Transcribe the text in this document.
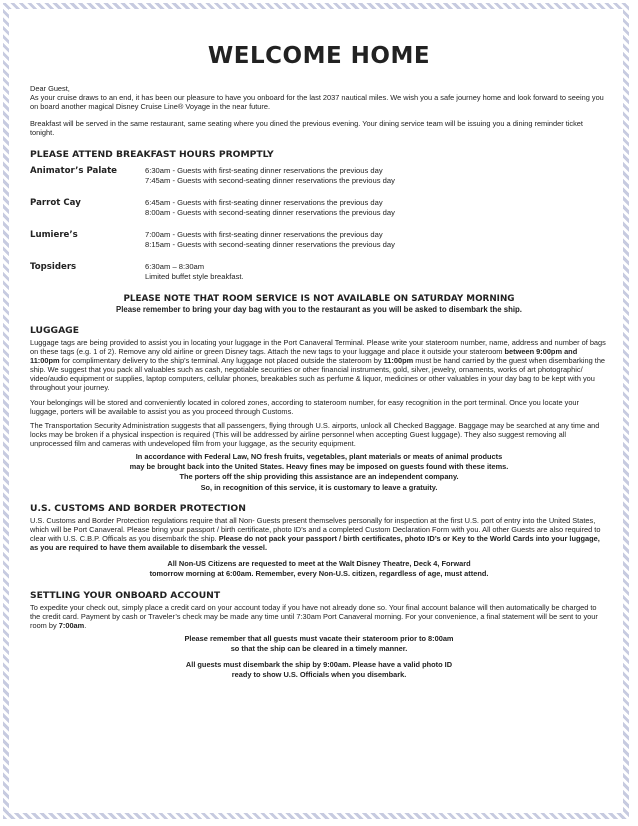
WELCOME HOME

Dear Guest,

As your cruise draws to an end, it has been our pleasure to have you onboard for the last 2037 nautical miles. We wish you a safe journey home and look forward to seeing you on board another magical Disney Cruise Line® Voyage in the near future.

Breakfast will be served in the same restaurant, same seating where you dined the previous evening. Your dining service team will be issuing you a dining reminder ticket tonight.

PLEASE ATTEND BREAKFAST HOURS PROMPTLY
Animator’s Palate	6:30am - Guests with first-seating dinner reservations the previous day
7:45am - Guests with second-seating dinner reservations the previous day
Parrot Cay	6:45am - Guests with first-seating dinner reservations the previous day
8:00am - Guests with second-seating dinner reservations the previous day
Lumiere’s	7:00am - Guests with first-seating dinner reservations the previous day
8:15am - Guests with second-seating dinner reservations the previous day
Topsiders	6:30am – 8:30am
Limited buffet style breakfast.
PLEASE NOTE THAT ROOM SERVICE IS NOT AVAILABLE ON SATURDAY MORNING
Please remember to bring your day bag with you to the restaurant as you will be asked to disembark the ship.
LUGGAGE

Luggage tags are being provided to assist you in locating your luggage in the Port Canaveral Terminal. Please write your stateroom number, name, address and number of bags on these tags (e.g. 1 of 2). Remove any old airline or green Disney tags. Attach the new tags to your luggage and place it outside your stateroom between 9:00pm and 11:00pm for complimentary delivery to the ship’s terminal. Any luggage not placed outside the stateroom by 11:00pm must be hand carried by the guest when disembarking the ship. We suggest that you pack all valuables such as cash, negotiable securities or other financial instruments, gold, silver, jewelry, ornaments, works of art photographic/ video/audio equipment or supplies, laptop computers, cellular phones, breakables such as perfume & liquor, medicines or other valuables in your day bag to be kept with you throughout your journey.

Your belongings will be stored and conveniently located in colored zones, according to stateroom number, for easy recognition in the port terminal. Once you locate your luggage, porters will be available to assist you as you proceed through Customs.

The Transportation Security Administration suggests that all passengers, flying through U.S. airports, unlock all Checked Baggage. Baggage may be searched at any time and locks may be broken if a physical inspection is required (This will be addressed by airline personnel when accepting Guest luggage). They also suggest removing all unprocessed film and cameras with undeveloped film from your luggage, as the security equipment.

In accordance with Federal Law, NO fresh fruits, vegetables, plant materials or meats of animal products
may be brought back into the United States. Heavy fines may be imposed on guests found with these items.
The porters off the ship providing this assistance are an independent company.
So, in recognition of this service, it is customary to leave a gratuity.
U.S. CUSTOMS AND BORDER PROTECTION

U.S. Customs and Border Protection regulations require that all Non- Guests present themselves personally for inspection at the first U.S. port of entry into the United States, which will be Port Canaveral. Please bring your passport / birth certificate, photo ID’s and a completed Custom Declaration Form with you. All other Guests are also required to clear with U.S. C.B.P. Officals as you disembark the ship. Please do not pack your passport / birth certificates, photo ID’s or Key to the World Cards into your luggage, as you are required to have them available to disembark the vessel.

All Non-US Citizens are requested to meet at the Walt Disney Theatre, Deck 4, Forward
tomorrow morning at 6:00am. Remember, every Non-U.S. citizen, regardless of age, must attend.
SETTLING YOUR ONBOARD ACCOUNT

To expedite your check out, simply place a credit card on your account today if you have not already done so. Your final account balance will then automatically be charged to the credit card. Payment by cash or Traveler’s check may be made any time until 7:30am Port Canaveral morning. For your convenience, a final statement will be sent to your room by 7:00am.

Please remember that all guests must vacate their stateroom prior to 8:00am
so that the ship can be cleared in a timely manner.
All guests must disembark the ship by 9:00am. Please have a valid photo ID
ready to show U.S. Officials when you disembark.
